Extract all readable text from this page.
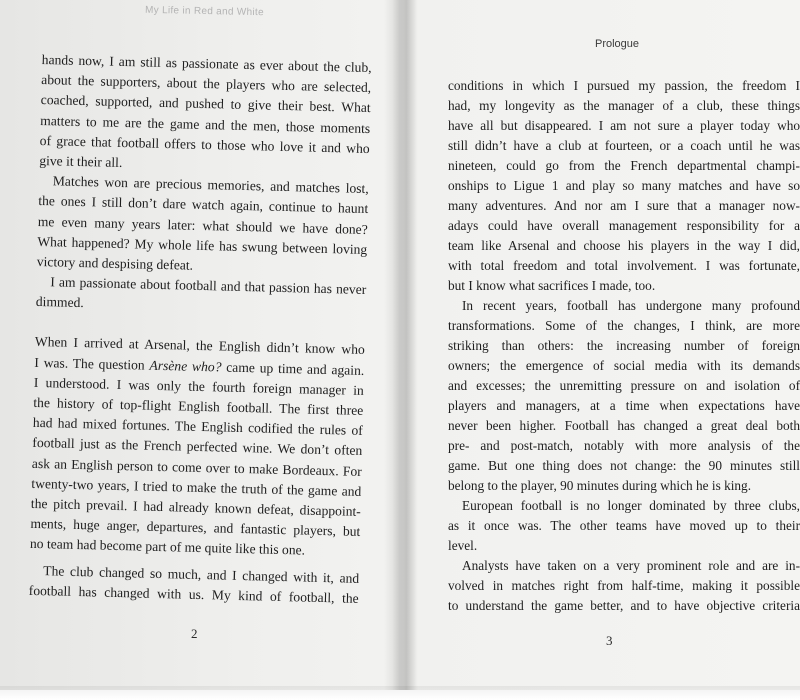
My Life in Red and White
hands now, I am still as passionate as ever about the club,
about the supporters, about the players who are selected,
coached, supported, and pushed to give their best. What
matters to me are the game and the men, those moments
of grace that football offers to those who love it and who
give it their all.
Matches won are precious memories, and matches lost,
the ones I still don’t dare watch again, continue to haunt
me even many years later: what should we have done?
What happened? My whole life has swung between loving
victory and despising defeat.
I am passionate about football and that passion has never
dimmed.
When I arrived at Arsenal, the English didn’t know who
I was. The question Arsène who? came up time and again.
I understood. I was only the fourth foreign manager in
the history of top-flight English football. The first three
had had mixed fortunes. The English codified the rules of
football just as the French perfected wine. We don’t often
ask an English person to come over to make Bordeaux. For
twenty-two years, I tried to make the truth of the game and
the pitch prevail. I had already known defeat, disappoint-
ments, huge anger, departures, and fantastic players, but
no team had become part of me quite like this one.
The club changed so much, and I changed with it, and
football has changed with us. My kind of football, the
2
Prologue
conditions in which I pursued my passion, the freedom I
had, my longevity as the manager of a club, these things
have all but disappeared. I am not sure a player today who
still didn’t have a club at fourteen, or a coach until he was
nineteen, could go from the French departmental champi-
onships to Ligue 1 and play so many matches and have so
many adventures. And nor am I sure that a manager now-
adays could have overall management responsibility for a
team like Arsenal and choose his players in the way I did,
with total freedom and total involvement. I was fortunate,
but I know what sacrifices I made, too.
In recent years, football has undergone many profound
transformations. Some of the changes, I think, are more
striking than others: the increasing number of foreign
owners; the emergence of social media with its demands
and excesses; the unremitting pressure on and isolation of
players and managers, at a time when expectations have
never been higher. Football has changed a great deal both
pre- and post-match, notably with more analysis of the
game. But one thing does not change: the 90 minutes still
belong to the player, 90 minutes during which he is king.
European football is no longer dominated by three clubs,
as it once was. The other teams have moved up to their
level.
Analysts have taken on a very prominent role and are in-
volved in matches right from half-time, making it possible
to understand the game better, and to have objective criteria
3
